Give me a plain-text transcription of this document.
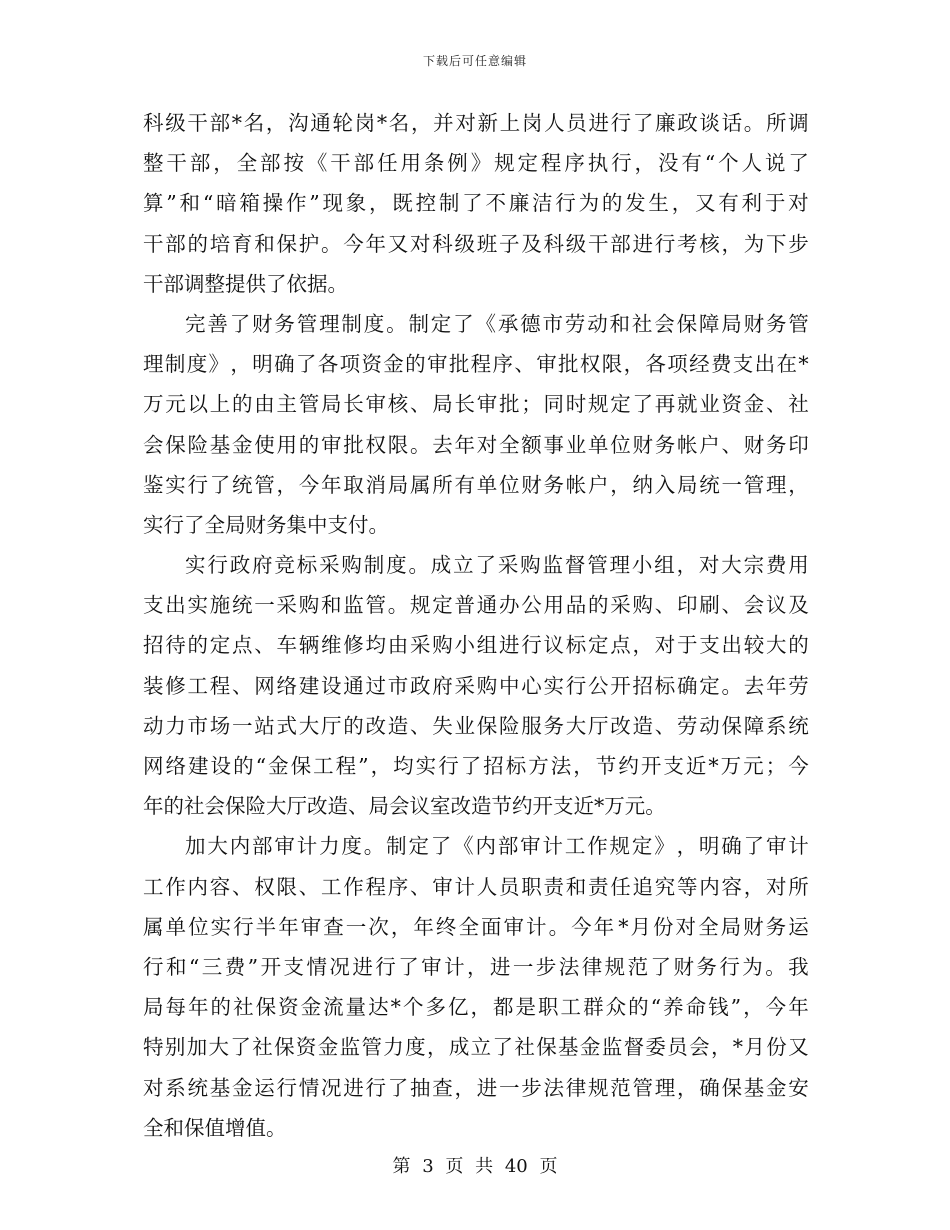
下载后可任意编辑
科 级 干 部 * 名 ， 沟 通 轮 岗 * 名 ， 并 对 新 上 岗 人 员 进 行 了 廉 政 谈 话 。 所 调
整 干 部 ， 全 部 按 《 干 部 任 用 条 例 》 规 定 程 序 执 行 ， 没 有 “ 个 人 说 了
算 ” 和 “ 暗 箱 操 作 ” 现 象 ， 既 控 制 了 不 廉 洁 行 为 的 发 生 ， 又 有 利 于 对
干 部 的 培 育 和 保 护 。 今 年 又 对 科 级 班 子 及 科 级 干 部 进 行 考 核 ， 为 下 步
干部调整提供了依据。
完 善 了 财 务 管 理 制 度 。 制 定 了 《 承 德 市 劳 动 和 社 会 保 障 局 财 务 管
理 制 度 》 ， 明 确 了 各 项 资 金 的 审 批 程 序 、 审 批 权 限 ， 各 项 经 费 支 出 在 *
万 元 以 上 的 由 主 管 局 长 审 核 、 局 长 审 批 ； 同 时 规 定 了 再 就 业 资 金 、 社
会 保 险 基 金 使 用 的 审 批 权 限 。 去 年 对 全 额 事 业 单 位 财 务 帐 户 、 财 务 印
鉴 实 行 了 统 管 ， 今 年 取 消 局 属 所 有 单 位 财 务 帐 户 ， 纳 入 局 统 一 管 理 ，
实行了全局财务集中支付。
实 行 政 府 竞 标 采 购 制 度 。 成 立 了 采 购 监 督 管 理 小 组 ， 对 大 宗 费 用
支 出 实 施 统 一 采 购 和 监 管 。 规 定 普 通 办 公 用 品 的 采 购 、 印 刷 、 会 议 及
招 待 的 定 点 、 车 辆 维 修 均 由 采 购 小 组 进 行 议 标 定 点 ， 对 于 支 出 较 大 的
装 修 工 程 、 网 络 建 设 通 过 市 政 府 采 购 中 心 实 行 公 开 招 标 确 定 。 去 年 劳
动 力 市 场 一 站 式 大 厅 的 改 造 、 失 业 保 险 服 务 大 厅 改 造 、 劳 动 保 障 系 统
网 络 建 设 的 “ 金 保 工 程 ” ， 均 实 行 了 招 标 方 法 ， 节 约 开 支 近 * 万 元 ； 今
年的社会保险大厅改造、局会议室改造节约开支近*万元。
加 大 内 部 审 计 力 度 。 制 定 了 《 内 部 审 计 工 作 规 定 》 ， 明 确 了 审 计
工 作 内 容 、 权 限 、 工 作 程 序 、 审 计 人 员 职 责 和 责 任 追 究 等 内 容 ， 对 所
属 单 位 实 行 半 年 审 查 一 次 ， 年 终 全 面 审 计 。 今 年 * 月 份 对 全 局 财 务 运
行 和 “ 三 费 ” 开 支 情 况 进 行 了 审 计 ， 进 一 步 法 律 规 范 了 财 务 行 为 。 我
局 每 年 的 社 保 资 金 流 量 达 * 个 多 亿 ， 都 是 职 工 群 众 的 “ 养 命 钱 ” ， 今 年
特 别 加 大 了 社 保 资 金 监 管 力 度 ， 成 立 了 社 保 基 金 监 督 委 员 会 ， * 月 份 又
对 系 统 基 金 运 行 情 况 进 行 了 抽 查 ， 进 一 步 法 律 规 范 管 理 ， 确 保 基 金 安
全和保值增值。
第 3 页 共 40 页
